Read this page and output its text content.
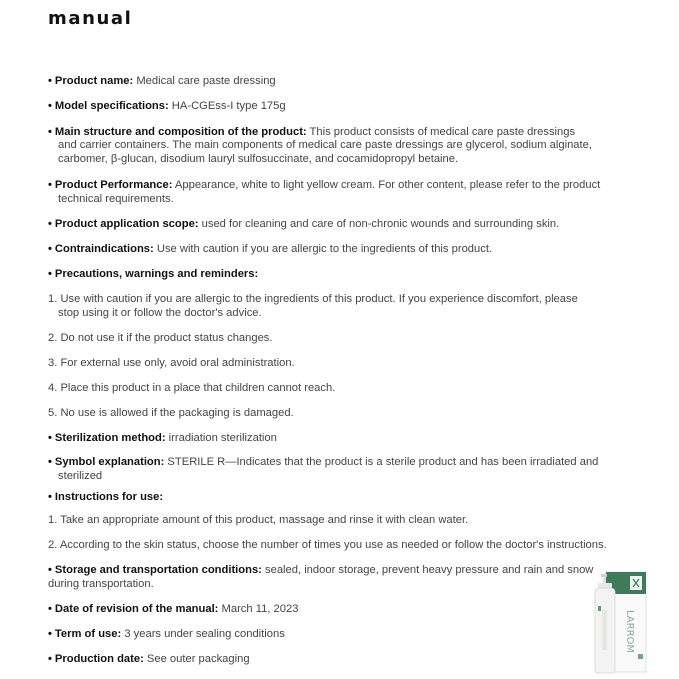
manual
• Product name: Medical care paste dressing
• Model specifications: HA-CGEss-I type 175g
• Main structure and composition of the product: This product consists of medical care paste dressings
and carrier containers. The main components of medical care paste dressings are glycerol, sodium alginate,
carbomer, β-glucan, disodium lauryl sulfosuccinate, and cocamidopropyl betaine.
• Product Performance: Appearance, white to light yellow cream. For other content, please refer to the product
technical requirements.
• Product application scope: used for cleaning and care of non-chronic wounds and surrounding skin.
• Contraindications: Use with caution if you are allergic to the ingredients of this product.
• Precautions, warnings and reminders:
1. Use with caution if you are allergic to the ingredients of this product. If you experience discomfort, please
stop using it or follow the doctor's advice.
2. Do not use it if the product status changes.
3. For external use only, avoid oral administration.
4. Place this product in a place that children cannot reach.
5. No use is allowed if the packaging is damaged.
• Sterilization method: irradiation sterilization
• Symbol explanation: STERILE R—Indicates that the product is a sterile product and has been irradiated and
sterilized
• Instructions for use:
1. Take an appropriate amount of this product, massage and rinse it with clean water.
2. According to the skin status, choose the number of times you use as needed or follow the doctor's instructions.
• Storage and transportation conditions: sealed, indoor storage, prevent heavy pressure and rain and snow
during transportation.
• Date of revision of the manual: March 11, 2023
• Term of use: 3 years under sealing conditions
• Production date: See outer packaging
LARROM
